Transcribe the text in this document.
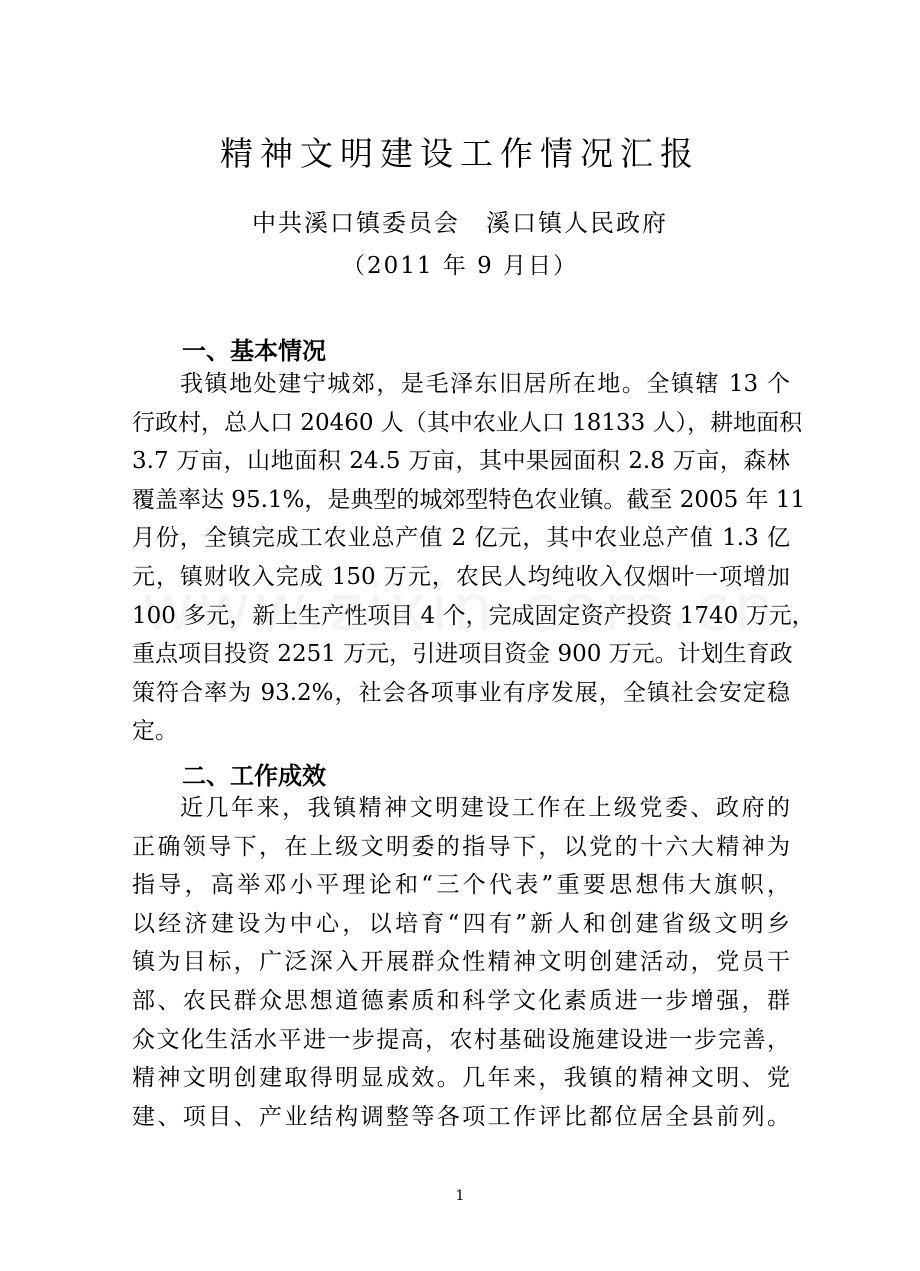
精神文明建设工作情况汇报
中共溪口镇委员会 溪口镇人民政府
（2011 年 9 月日）
一、基本情况
我镇地处建宁城郊，是毛泽东旧居所在地。全镇辖 13 个
行政村，总人口 20460 人（其中农业人口 18133 人），耕地面积
3.7 万亩，山地面积 24.5 万亩，其中果园面积 2.8 万亩，森林
覆盖率达 95.1%，是典型的城郊型特色农业镇。截至 2005 年 11
月份，全镇完成工农业总产值 2 亿元，其中农业总产值 1.3 亿
元，镇财收入完成 150 万元，农民人均纯收入仅烟叶一项增加
100 多元，新上生产性项目 4 个，完成固定资产投资 1740 万元，
重点项目投资 2251 万元，引进项目资金 900 万元。计划生育政
策符合率为 93.2%，社会各项事业有序发展，全镇社会安定稳
定。
二、工作成效
近几年来，我镇精神文明建设工作在上级党委、政府的
正确领导下，在上级文明委的指导下，以党的十六大精神为
指导，高举邓小平理论和“三个代表”重要思想伟大旗帜，
以经济建设为中心，以培育“四有”新人和创建省级文明乡
镇为目标，广泛深入开展群众性精神文明创建活动，党员干
部、农民群众思想道德素质和科学文化素质进一步增强，群
众文化生活水平进一步提高，农村基础设施建设进一步完善，
精神文明创建取得明显成效。几年来，我镇的精神文明、党
建、项目、产业结构调整等各项工作评比都位居全县前列。
1
